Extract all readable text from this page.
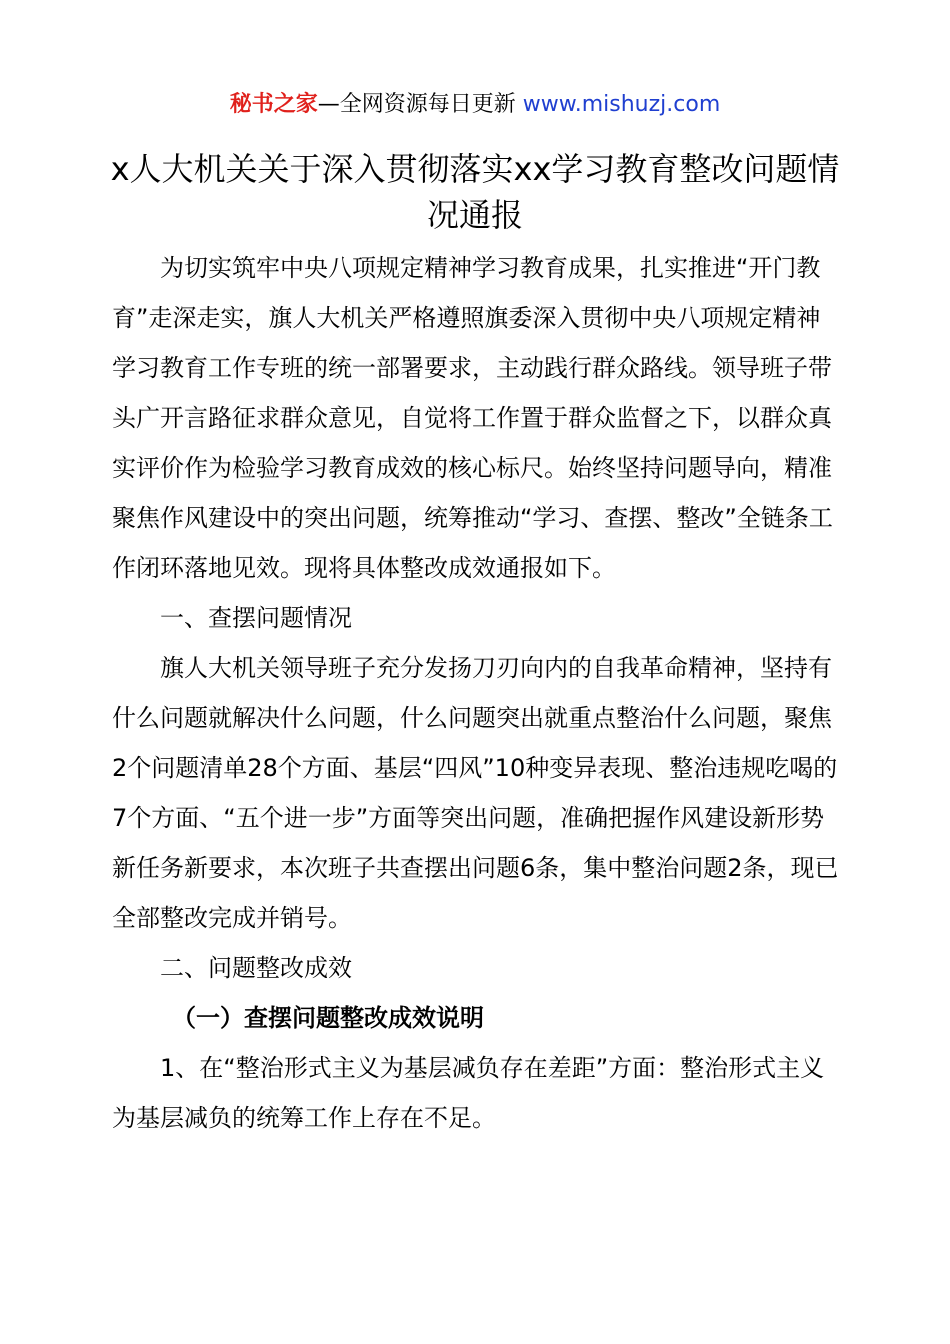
秘书之家—全网资源每日更新 www.mishuzj.com
x人大机关关于深入贯彻落实xx学习教育整改问题情况通报

为切实筑牢中央八项规定精神学习教育成果，扎实推进“开门教育”走深走实，旗人大机关严格遵照旗委深入贯彻中央八项规定精神学习教育工作专班的统一部署要求，主动践行群众路线。领导班子带头广开言路征求群众意见，自觉将工作置于群众监督之下，以群众真实评价作为检验学习教育成效的核心标尺。始终坚持问题导向，精准聚焦作风建设中的突出问题，统筹推动“学习、查摆、整改”全链条工作闭环落地见效。现将具体整改成效通报如下。

一、查摆问题情况

旗人大机关领导班子充分发扬刀刃向内的自我革命精神，坚持有什么问题就解决什么问题，什么问题突出就重点整治什么问题，聚焦2个问题清单28个方面、基层“四风”10种变异表现、整治违规吃喝的7个方面、“五个进一步”方面等突出问题，准确把握作风建设新形势新任务新要求，本次班子共查摆出问题6条，集中整治问题2条，现已全部整改完成并销号。

二、问题整改成效

（一）查摆问题整改成效说明

1、在“整治形式主义为基层减负存在差距”方面：整治形式主义为基层减负的统筹工作上存在不足。
